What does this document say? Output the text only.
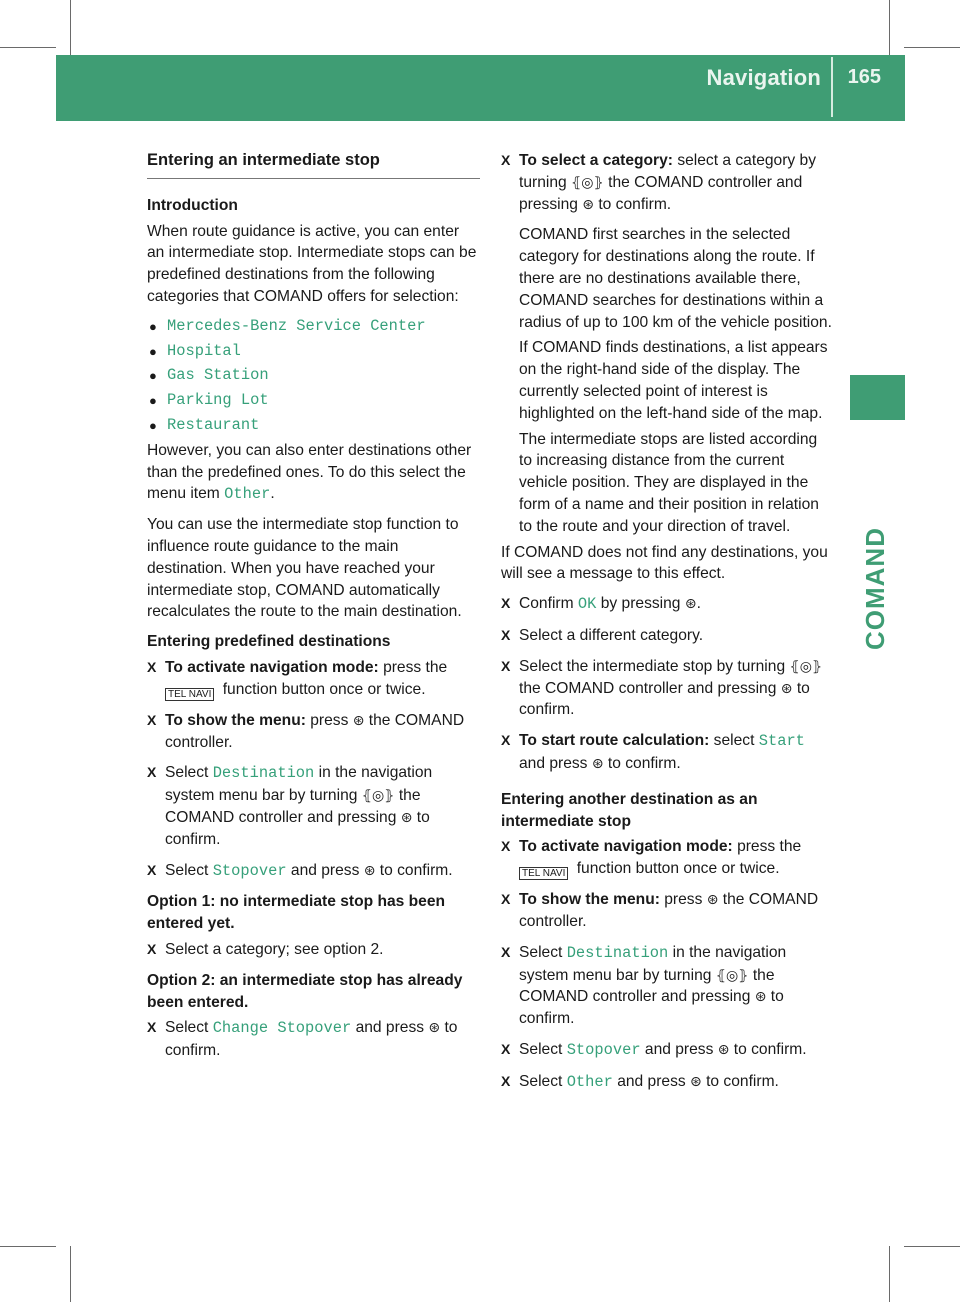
Navigation 165
COMAND
Entering an intermediate stop
Introduction

When route guidance is active, you can enter an intermediate stop. Intermediate stops can be predefined destinations from the following categories that COMAND offers for selection:

● Mercedes-Benz Service Center
● Hospital
● Gas Station
● Parking Lot
● Restaurant

However, you can also enter destinations other than the predefined ones. To do this select the menu item Other.

You can use the intermediate stop function to influence route guidance to the main destination. When you have reached your intermediate stop, COMAND automatically recalculates the route to the main destination.

Entering predefined destinations
X To activate navigation mode: press the TEL NAVI function button once or twice.
X To show the menu: press ⊛ the COMAND controller.
X Select Destination in the navigation system menu bar by turning ⦃◎⦄ the COMAND controller and pressing ⊛ to confirm.
X Select Stopover and press ⊛ to confirm.
Option 1: no intermediate stop has been entered yet.
X Select a category; see option 2.
Option 2: an intermediate stop has already been entered.
X Select Change Stopover and press ⊛ to confirm.
X To select a category: select a category by turning ⦃◎⦄ the COMAND controller and pressing ⊛ to confirm.

COMAND first searches in the selected category for destinations along the route. If there are no destinations available there, COMAND searches for destinations within a radius of up to 100 km of the vehicle position.

If COMAND finds destinations, a list appears on the right-hand side of the display. The currently selected point of interest is highlighted on the left-hand side of the map.

The intermediate stops are listed according to increasing distance from the current vehicle position. They are displayed in the form of a name and their position in relation to the route and your direction of travel.

If COMAND does not find any destinations, you will see a message to this effect.

X Confirm OK by pressing ⊛.
X Select a different category.
X Select the intermediate stop by turning ⦃◎⦄ the COMAND controller and pressing ⊛ to confirm.
X To start route calculation: select Start and press ⊛ to confirm.
Entering another destination as an intermediate stop
X To activate navigation mode: press the TEL NAVI function button once or twice.
X To show the menu: press ⊛ the COMAND controller.
X Select Destination in the navigation system menu bar by turning ⦃◎⦄ the COMAND controller and pressing ⊛ to confirm.
X Select Stopover and press ⊛ to confirm.
X Select Other and press ⊛ to confirm.
